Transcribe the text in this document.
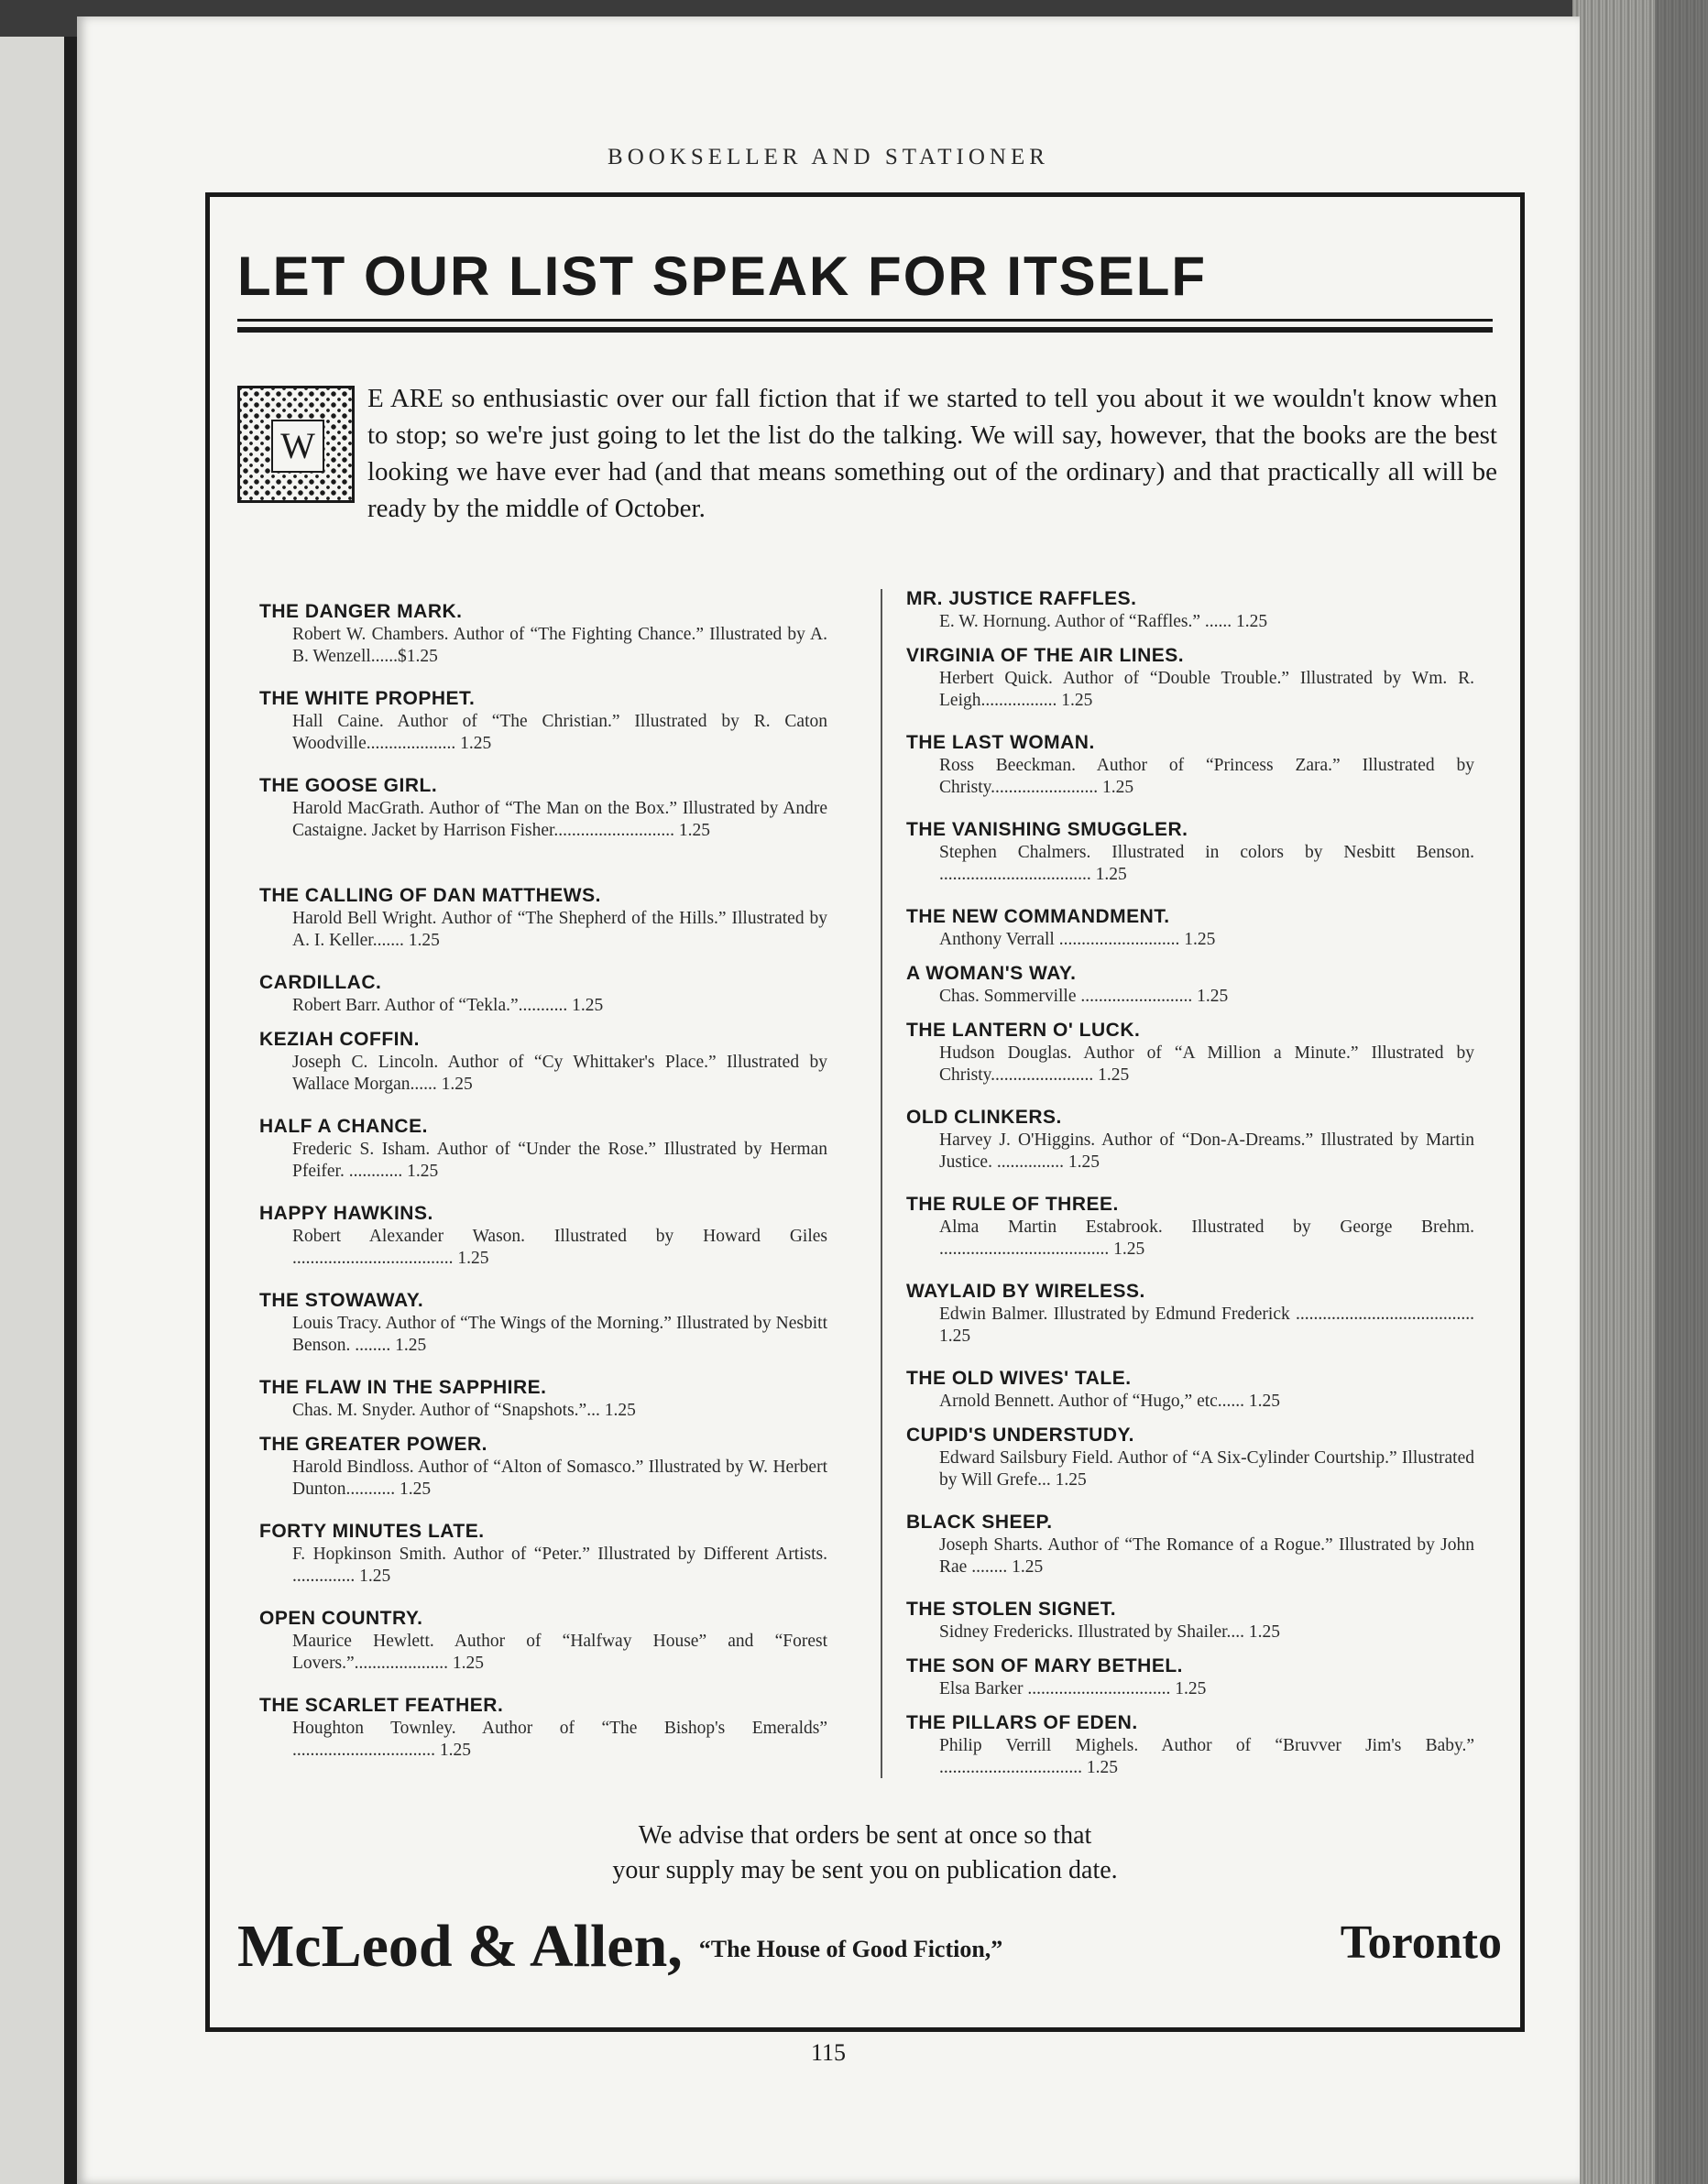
BOOKSELLER AND STATIONER
LET OUR LIST SPEAK FOR ITSELF
W

E ARE so enthusiastic over our fall fiction that if we started to tell you about it we wouldn't know when to stop; so we're just going to let the list do the talking. We will say, however, that the books are the best looking we have ever had (and that means something out of the ordinary) and that practically all will be ready by the middle of October.

THE DANGER MARK.
Robert W. Chambers. Author of “The Fighting Chance.” Illustrated by A. B. Wenzell......$1.25
THE WHITE PROPHET.
Hall Caine. Author of “The Christian.” Illustrated by R. Caton Woodville.................... 1.25
THE GOOSE GIRL.
Harold MacGrath. Author of “The Man on the Box.” Illustrated by Andre Castaigne. Jacket by Harrison Fisher........................... 1.25
THE CALLING OF DAN MATTHEWS.
Harold Bell Wright. Author of “The Shepherd of the Hills.” Illustrated by A. I. Keller....... 1.25
CARDILLAC.
Robert Barr. Author of “Tekla.”........... 1.25
KEZIAH COFFIN.
Joseph C. Lincoln. Author of “Cy Whittaker's Place.” Illustrated by Wallace Morgan...... 1.25
HALF A CHANCE.
Frederic S. Isham. Author of “Under the Rose.” Illustrated by Herman Pfeifer. ............ 1.25
HAPPY HAWKINS.
Robert Alexander Wason. Illustrated by Howard Giles .................................... 1.25
THE STOWAWAY.
Louis Tracy. Author of “The Wings of the Morning.” Illustrated by Nesbitt Benson. ........ 1.25
THE FLAW IN THE SAPPHIRE.
Chas. M. Snyder. Author of “Snapshots.”... 1.25
THE GREATER POWER.
Harold Bindloss. Author of “Alton of Somasco.” Illustrated by W. Herbert Dunton........... 1.25
FORTY MINUTES LATE.
F. Hopkinson Smith. Author of “Peter.” Illustrated by Different Artists. .............. 1.25
OPEN COUNTRY.
Maurice Hewlett. Author of “Halfway House” and “Forest Lovers.”..................... 1.25
THE SCARLET FEATHER.
Houghton Townley. Author of “The Bishop's Emeralds” ................................ 1.25
MR. JUSTICE RAFFLES.
E. W. Hornung. Author of “Raffles.” ...... 1.25
VIRGINIA OF THE AIR LINES.
Herbert Quick. Author of “Double Trouble.” Illustrated by Wm. R. Leigh................. 1.25
THE LAST WOMAN.
Ross Beeckman. Author of “Princess Zara.” Illustrated by Christy........................ 1.25
THE VANISHING SMUGGLER.
Stephen Chalmers. Illustrated in colors by Nesbitt Benson. .................................. 1.25
THE NEW COMMANDMENT.
Anthony Verrall ........................... 1.25
A WOMAN'S WAY.
Chas. Sommerville ......................... 1.25
THE LANTERN O' LUCK.
Hudson Douglas. Author of “A Million a Minute.” Illustrated by Christy....................... 1.25
OLD CLINKERS.
Harvey J. O'Higgins. Author of “Don-A-Dreams.” Illustrated by Martin Justice. ............... 1.25
THE RULE OF THREE.
Alma Martin Estabrook. Illustrated by George Brehm. ...................................... 1.25
WAYLAID BY WIRELESS.
Edwin Balmer. Illustrated by Edmund Frederick ........................................ 1.25
THE OLD WIVES' TALE.
Arnold Bennett. Author of “Hugo,” etc...... 1.25
CUPID'S UNDERSTUDY.
Edward Sailsbury Field. Author of “A Six-Cylinder Courtship.” Illustrated by Will Grefe... 1.25
BLACK SHEEP.
Joseph Sharts. Author of “The Romance of a Rogue.” Illustrated by John Rae ........ 1.25
THE STOLEN SIGNET.
Sidney Fredericks. Illustrated by Shailer.... 1.25
THE SON OF MARY BETHEL.
Elsa Barker ................................ 1.25
THE PILLARS OF EDEN.
Philip Verrill Mighels. Author of “Bruvver Jim's Baby.” ................................ 1.25
We advise that orders be sent at once so that
your supply may be sent you on publication date.
McLeod & Allen, “The House of Good Fiction,”	Toronto
115
